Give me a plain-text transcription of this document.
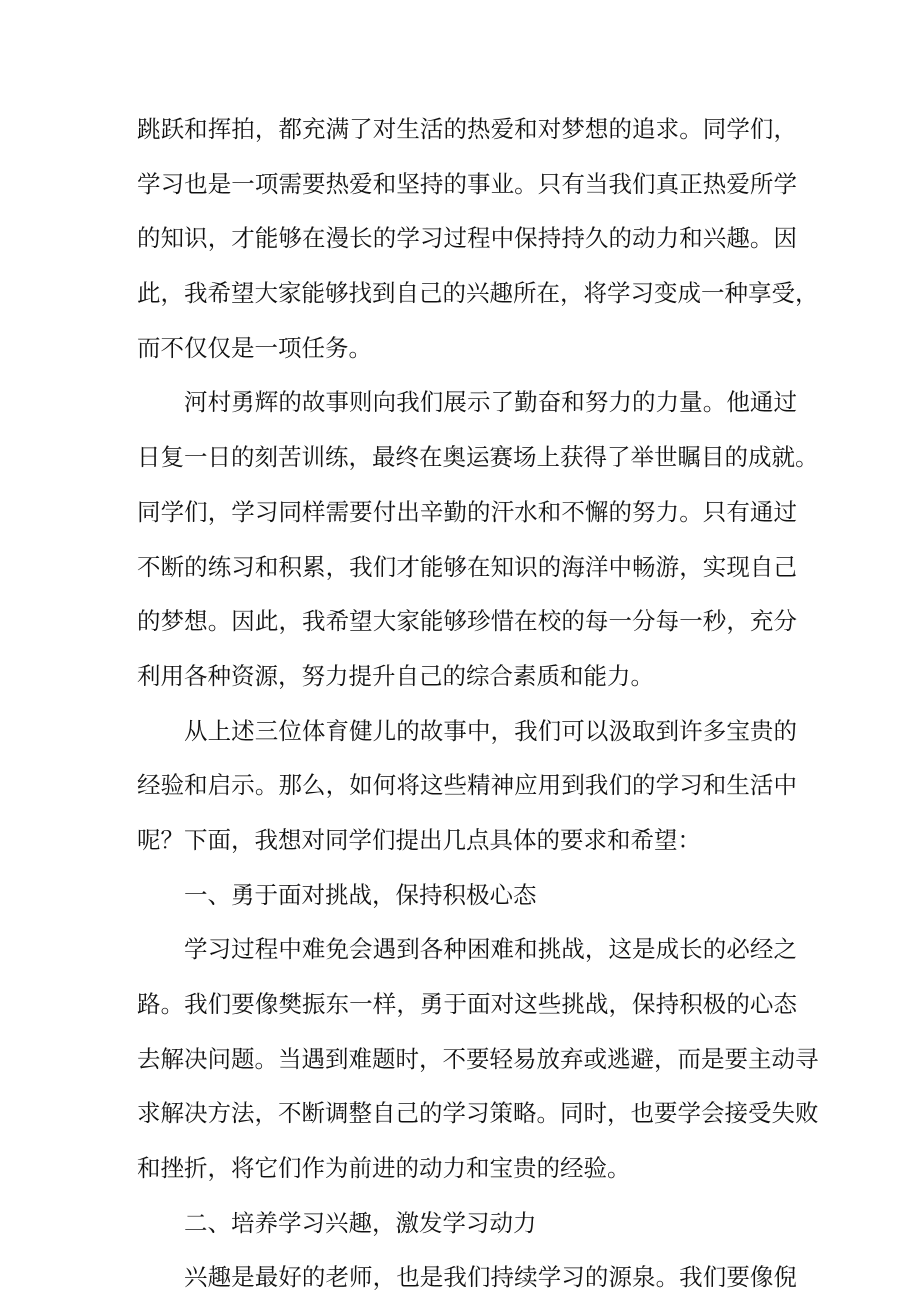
跳跃和挥拍，都充满了对生活的热爱和对梦想的追求。同学们，
学习也是一项需要热爱和坚持的事业。只有当我们真正热爱所学
的知识，才能够在漫长的学习过程中保持持久的动力和兴趣。因
此，我希望大家能够找到自己的兴趣所在，将学习变成一种享受，
而不仅仅是一项任务。
河村勇辉的故事则向我们展示了勤奋和努力的力量。他通过
日复一日的刻苦训练，最终在奥运赛场上获得了举世瞩目的成就。
同学们，学习同样需要付出辛勤的汗水和不懈的努力。只有通过
不断的练习和积累，我们才能够在知识的海洋中畅游，实现自己
的梦想。因此，我希望大家能够珍惜在校的每一分每一秒，充分
利用各种资源，努力提升自己的综合素质和能力。
从上述三位体育健儿的故事中，我们可以汲取到许多宝贵的
经验和启示。那么，如何将这些精神应用到我们的学习和生活中
呢？下面，我想对同学们提出几点具体的要求和希望：
一、勇于面对挑战，保持积极心态
学习过程中难免会遇到各种困难和挑战，这是成长的必经之
路。我们要像樊振东一样，勇于面对这些挑战，保持积极的心态
去解决问题。当遇到难题时，不要轻易放弃或逃避，而是要主动寻
求解决方法，不断调整自己的学习策略。同时，也要学会接受失败
和挫折，将它们作为前进的动力和宝贵的经验。
二、培养学习兴趣，激发学习动力
兴趣是最好的老师，也是我们持续学习的源泉。我们要像倪
